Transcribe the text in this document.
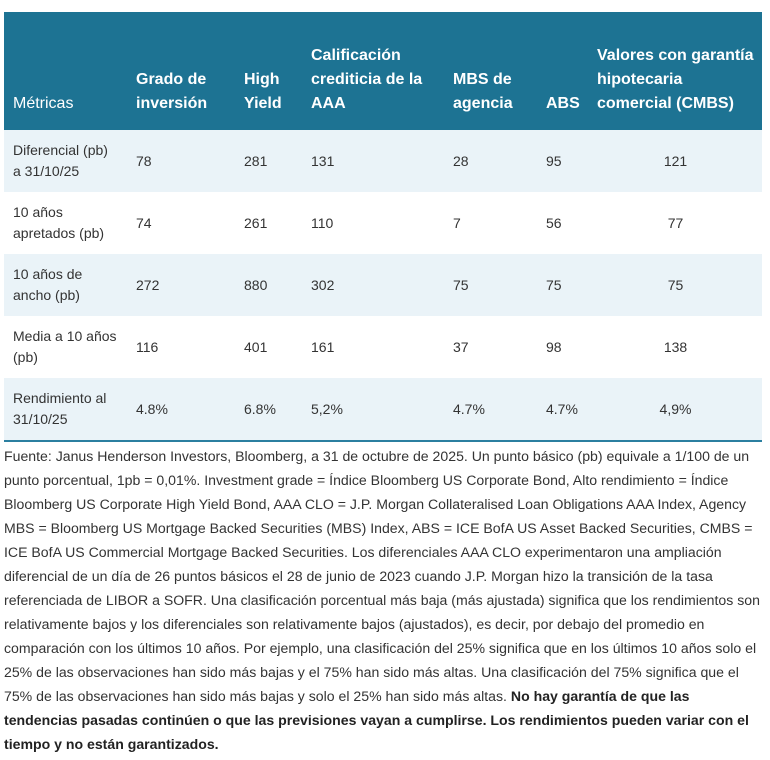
Métricas	Grado de inversión	High Yield	Calificación crediticia de la AAA	MBS de agencia	ABS	Valores con garantía hipotecaria comercial (CMBS)
Diferencial (pb) a 31/10/25	78	281	131	28	95	121
10 años apretados (pb)	74	261	110	7	56	77
10 años de ancho (pb)	272	880	302	75	75	75
Media a 10 años (pb)	116	401	161	37	98	138
Rendimiento al 31/10/25	4.8%	6.8%	5,2%	4.7%	4.7%	4,9%

Fuente: Janus Henderson Investors, Bloomberg, a 31 de octubre de 2025. Un punto básico (pb) equivale a 1/100 de un punto porcentual, 1pb = 0,01%. Investment grade = Índice Bloomberg US Corporate Bond, Alto rendimiento = Índice Bloomberg US Corporate High Yield Bond, AAA CLO = J.P. Morgan Collateralised Loan Obligations AAA Index, Agency MBS = Bloomberg US Mortgage Backed Securities (MBS) Index, ABS = ICE BofA US Asset Backed Securities, CMBS = ICE BofA US Commercial Mortgage Backed Securities. Los diferenciales AAA CLO experimentaron una ampliación diferencial de un día de 26 puntos básicos el 28 de junio de 2023 cuando J.P. Morgan hizo la transición de la tasa referenciada de LIBOR a SOFR. Una clasificación porcentual más baja (más ajustada) significa que los rendimientos son relativamente bajos y los diferenciales son relativamente bajos (ajustados), es decir, por debajo del promedio en comparación con los últimos 10 años. Por ejemplo, una clasificación del 25% significa que en los últimos 10 años solo el 25% de las observaciones han sido más bajas y el 75% han sido más altas. Una clasificación del 75% significa que el 75% de las observaciones han sido más bajas y solo el 25% han sido más altas. No hay garantía de que las tendencias pasadas continúen o que las previsiones vayan a cumplirse. Los rendimientos pueden variar con el tiempo y no están garantizados.
